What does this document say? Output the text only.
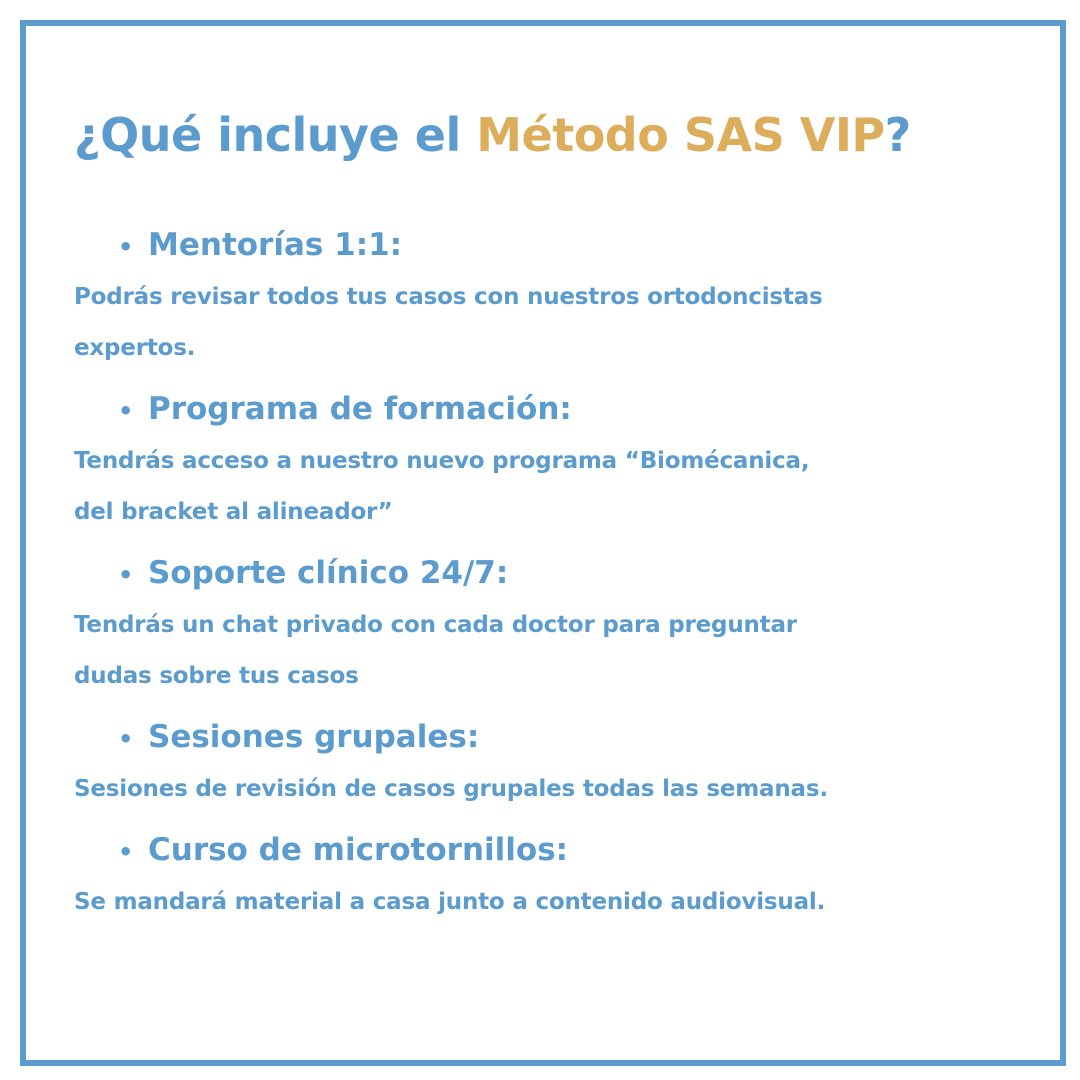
¿Qué incluye el Método SAS VIP?

• Mentorías 1:1:

Podrás revisar todos tus casos con nuestros ortodoncistas

expertos.

• Programa de formación:

Tendrás acceso a nuestro nuevo programa “Biomécanica,

del bracket al alineador”

• Soporte clínico 24/7:

Tendrás un chat privado con cada doctor para preguntar

dudas sobre tus casos

• Sesiones grupales:

Sesiones de revisión de casos grupales todas las semanas.

• Curso de microtornillos:

Se mandará material a casa junto a contenido audiovisual.
